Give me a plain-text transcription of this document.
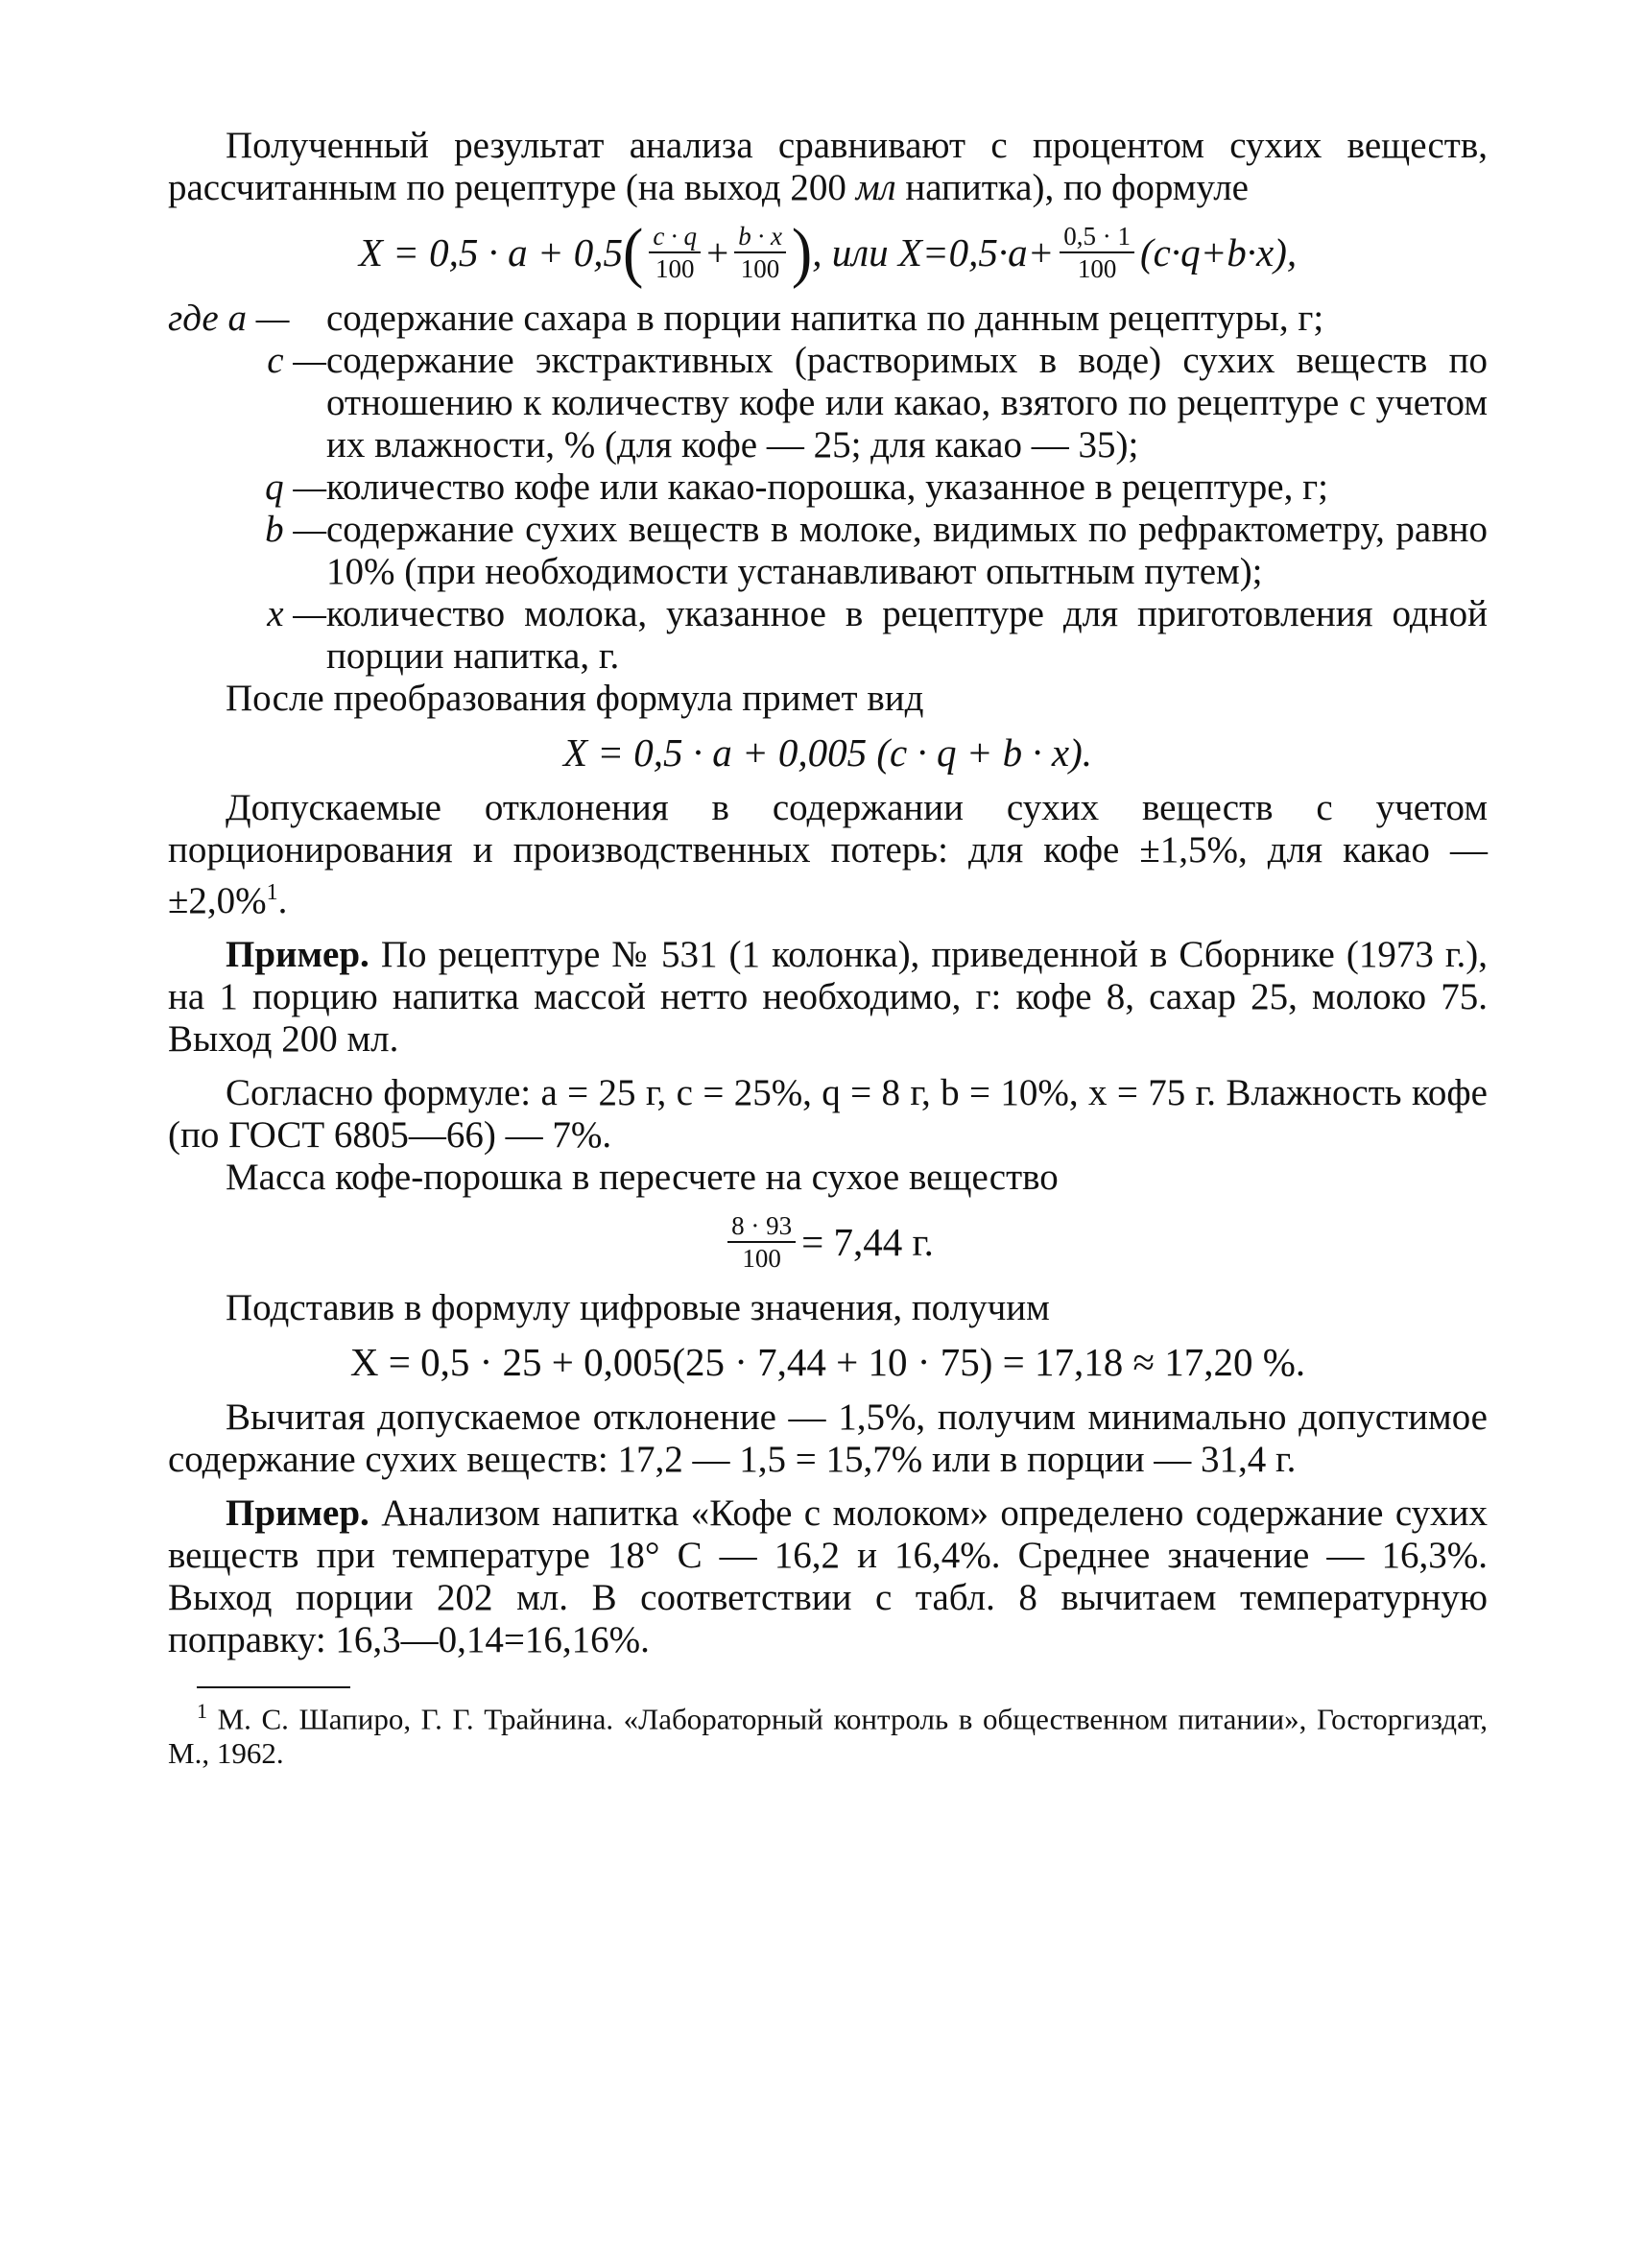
Полученный результат анализа сравнивают с процентом сухих веществ, рассчитанным по рецептуре (на выход 200 мл напитка), по формуле

X = 0,5 · a + 0,5 ( $\frac{c \cdot q}{100} + \frac{b \cdot x}{100}$ ) , или $X=0,5\cdot a+ \frac{0,5 \cdot 1}{100} (c\cdot q+b\cdot x)$,
где a — содержание сахара в порции напитка по данным рецептуры, г;
c — содержание экстрактивных (растворимых в воде) сухих веществ по отношению к количеству кофе или какао, взятого по рецептуре с учетом их влажности, % (для кофе — 25; для какао — 35);
q — количество кофе или какао-порошка, указанное в рецептуре, г;
b — содержание сухих веществ в молоке, видимых по рефрактометру, равно 10% (при необходимости устанавливают опытным путем);
x — количество молока, указанное в рецептуре для приготовления одной порции напитка, г.

После преобразования формула примет вид

X = 0,5 · a + 0,005 (c · q + b · x).

Допускаемые отклонения в содержании сухих веществ с учетом порционирования и производственных потерь: для кофе ±1,5%, для какао — ±2,0%$^1$.

Пример. По рецептуре № 531 (1 колонка), приведенной в Сборнике (1973 г.), на 1 порцию напитка массой нетто необходимо, г: кофе 8, сахар 25, молоко 75. Выход 200 мл.

Согласно формуле: a = 25 г, c = 25%, q = 8 г, b = 10%, x = 75 г. Влажность кофе (по ГОСТ 6805—66) — 7%.

Масса кофе-порошка в пересчете на сухое вещество

$\frac{8 \cdot 93}{100} = 7,44$ г.

Подставив в формулу цифровые значения, получим

X = 0,5 · 25 + 0,005(25 · 7,44 + 10 · 75) = 17,18 ≈ 17,20 %.

Вычитая допускаемое отклонение — 1,5%, получим минимально допустимое содержание сухих веществ: 17,2 — 1,5 = 15,7% или в порции — 31,4 г.

Пример. Анализом напитка «Кофе с молоком» определено содержание сухих веществ при температуре 18° С — 16,2 и 16,4%. Среднее значение — 16,3%. Выход порции 202 мл. В соответствии с табл. 8 вычитаем температурную поправку: 16,3—0,14=16,16%.

$^1$ М. С. Шапиро, Г. Г. Трайнина. «Лабораторный контроль в общественном питании», Госторгиздат, М., 1962.
